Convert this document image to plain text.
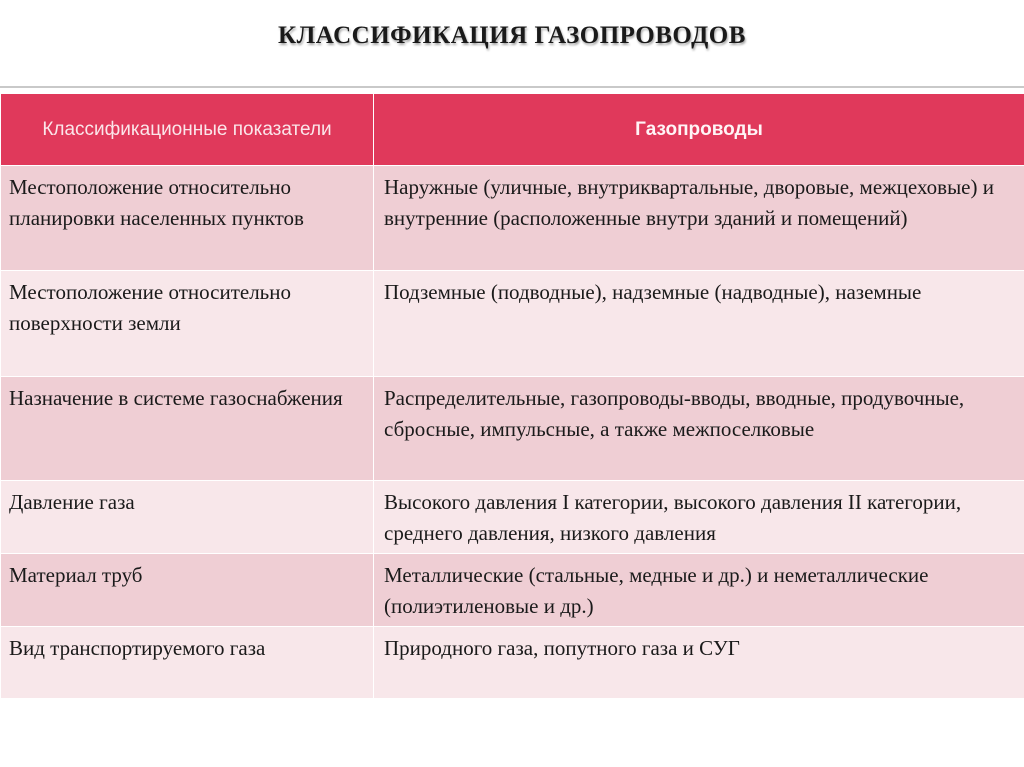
КЛАССИФИКАЦИЯ ГАЗОПРОВОДОВ
Классификационные показатели	Газопроводы
Местоположение относительно планировки населенных пунктов	Наружные (уличные, внутриквартальные, дворовые, межцеховые) и внутренние (расположенные внутри зданий и помещений)
Местоположение относительно поверхности земли	Подземные (подводные), надземные (надводные), наземные
Назначение в системе газоснабжения	Распределительные, газопроводы-вводы, вводные, продувочные, сбросные, импульсные, а также межпоселковые
Давление газа	Высокого давления I категории, высокого давления II категории, среднего давления, низкого давления
Материал труб	Металлические (стальные, медные и др.) и неметаллические (полиэтиленовые и др.)
Вид транспортируемого газа	Природного газа, попутного газа и СУГ
